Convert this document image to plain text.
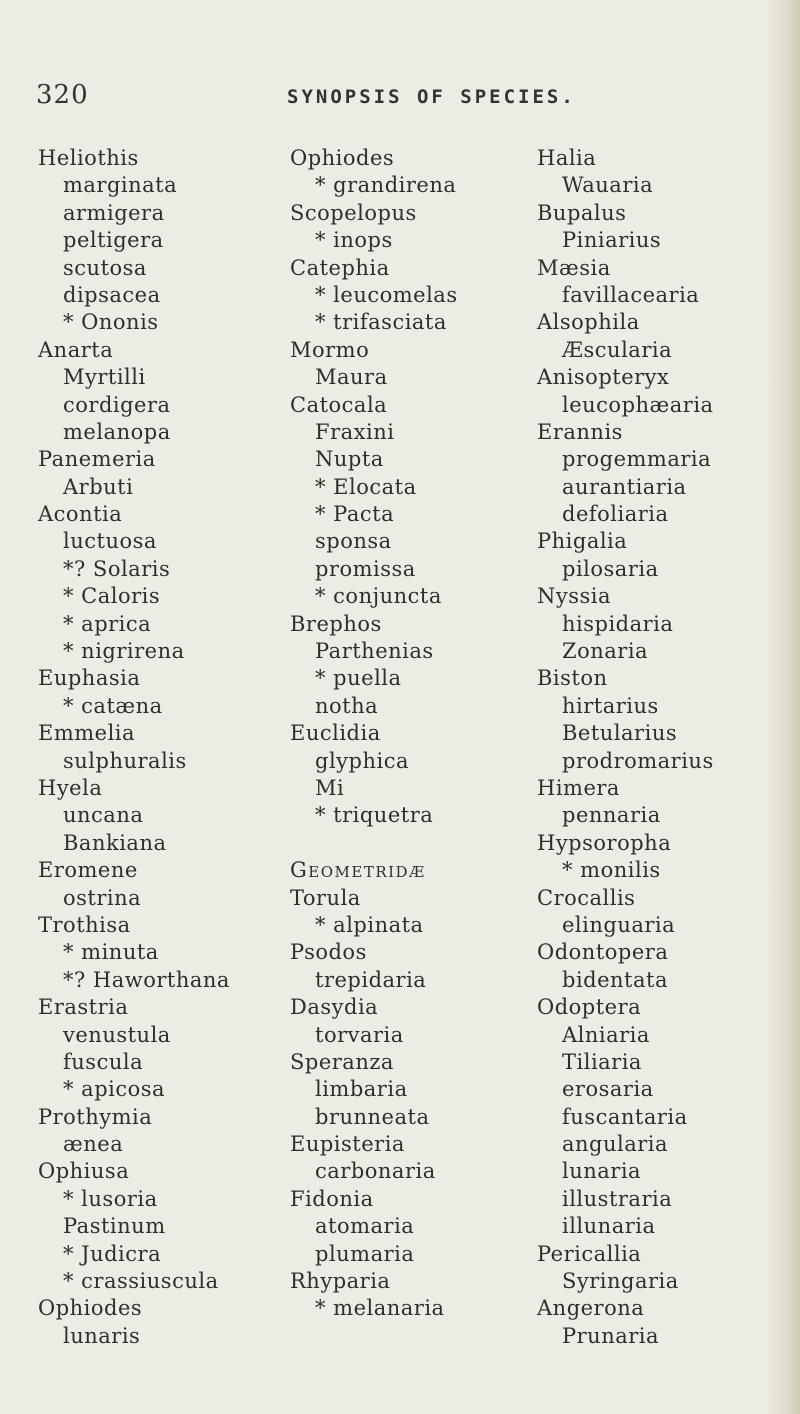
320	SYNOPSIS OF SPECIES.
Heliothis
marginata
armigera
peltigera
scutosa
dipsacea
* Ononis
Anarta
Myrtilli
cordigera
melanopa
Panemeria
Arbuti
Acontia
luctuosa
*? Solaris
* Caloris
* aprica
* nigrirena
Euphasia
* catæna
Emmelia
sulphuralis
Hyela
uncana
Bankiana
Eromene
ostrina
Trothisa
* minuta
*? Haworthana
Erastria
venustula
fuscula
* apicosa
Prothymia
ænea
Ophiusa
* lusoria
Pastinum
* Judicra
* crassiuscula
Ophiodes
lunaris
Ophiodes
* grandirena
Scopelopus
* inops
Catephia
* leucomelas
* trifasciata
Mormo
Maura
Catocala
Fraxini
Nupta
* Elocata
* Pacta
sponsa
promissa
* conjuncta
Brephos
Parthenias
* puella
notha
Euclidia
glyphica
Mi
* triquetra
Geometridæ
Torula
* alpinata
Psodos
trepidaria
Dasydia
torvaria
Speranza
limbaria
brunneata
Eupisteria
carbonaria
Fidonia
atomaria
plumaria
Rhyparia
* melanaria
Halia
Wauaria
Bupalus
Piniarius
Mæsia
favillacearia
Alsophila
Æscularia
Anisopteryx
leucophæaria
Erannis
progemmaria
aurantiaria
defoliaria
Phigalia
pilosaria
Nyssia
hispidaria
Zonaria
Biston
hirtarius
Betularius
prodromarius
Himera
pennaria
Hypsoropha
* monilis
Crocallis
elinguaria
Odontopera
bidentata
Odoptera
Alniaria
Tiliaria
erosaria
fuscantaria
angularia
lunaria
illustraria
illunaria
Pericallia
Syringaria
Angerona
Prunaria
